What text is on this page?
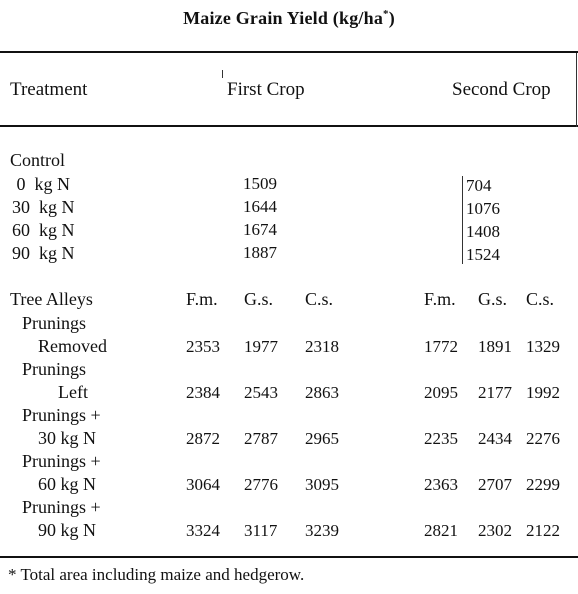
Maize Grain Yield (kg/ha*)
Treatment	First Crop	Second Crop
Control
0  kg N	1509	704
30  kg N	1644	1076
60  kg N	1674	1408
90  kg N	1887	1524
Tree Alleys	F.m. G.s. C.s.	F.m. G.s. C.s.
Prunings
Removed	2353 1977 2318	1772 1891 1329
Prunings
Left	2384 2543 2863	2095 2177 1992
Prunings +
30 kg N	2872 2787 2965	2235 2434 2276
Prunings +
60 kg N	3064 2776 3095	2363 2707 2299
Prunings +
90 kg N	3324 3117 3239	2821 2302 2122
* Total area including maize and hedgerow.
